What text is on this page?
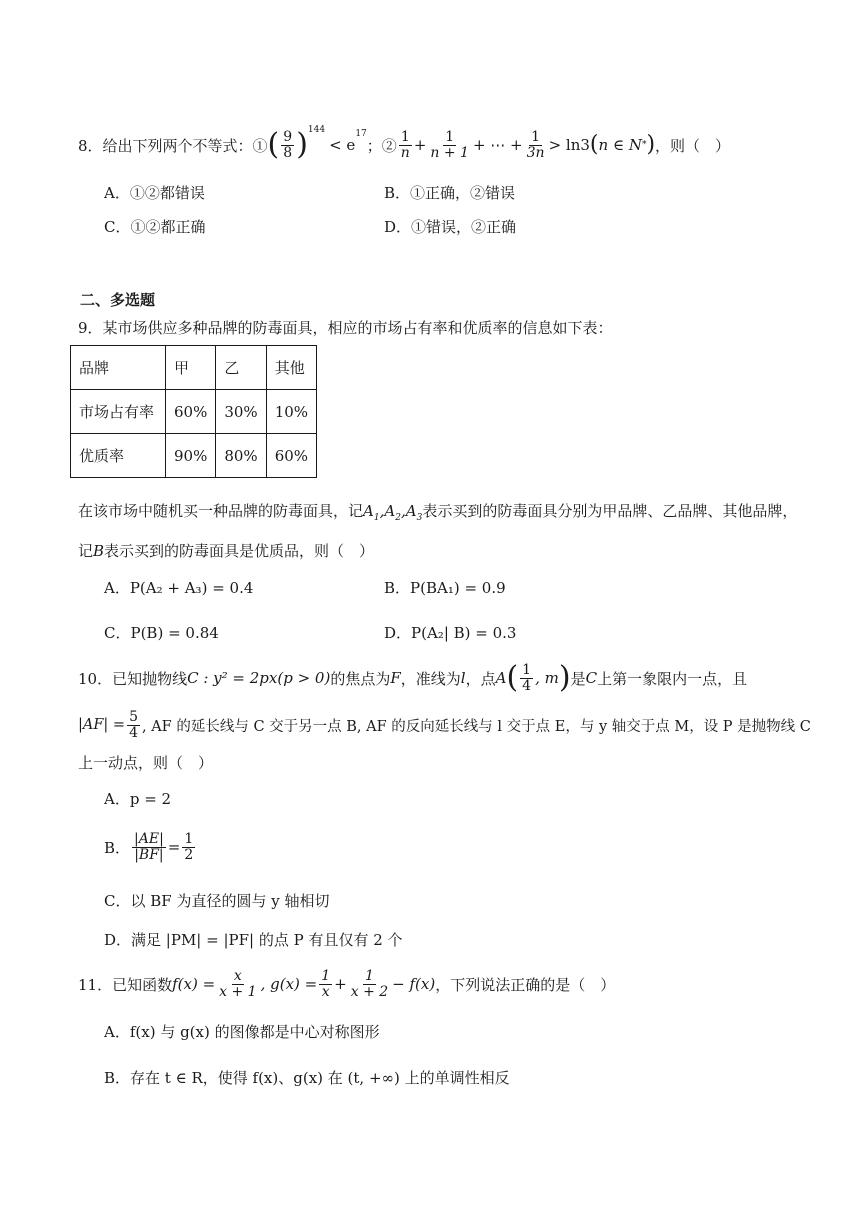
8．给出下列两个不等式：① ( $\frac{9}{8}$ ) 144
< e
17
；② $\frac{1}{n} + \frac{1}{n + 1}$ + ⋯ + $\frac{1}{3n} > \ln 3$ ( n ∈ N * ) ，则（　）
A．①②都错误	B．①正确，②错误
C．①②都正确	D．①错误，②正确
二、多选题
9．某市场供应多种品牌的防毒面具，相应的市场占有率和优质率的信息如下表：
品牌	甲	乙	其他
市场占有率	60%	30%	10%
优质率	90%	80%	60%
在该市场中随机买一种品牌的防毒面具，记$A_1,A_2,A_3$表示买到的防毒面具分别为甲品牌、乙品牌、其他品牌，
记B表示买到的防毒面具是优质品，则（　）
A．P(A₂ + A₃) = 0.4	B．P(BA₁) = 0.9
C．P(B) = 0.84	D．P(A₂| B) = 0.3
10．已知抛物线 C : y² = 2px(p > 0) 的焦点为 F ，准线为 l ，点 A ( $\frac{1}{4}$ , m ) 是 C 上第一象限内一点，且
$|AF| = \frac{5}{4}$ , AF 的延长线与 C 交于另一点 B, AF 的反向延长线与 l 交于点 E，与 y 轴交于点 M，设 P 是抛物线 C
上一动点，则（　）
A．p = 2
B． $\frac{|AE|}{|BF|} = \frac{1}{2}$
C．以 BF 为直径的圆与 y 轴相切
D．满足 |PM| = |PF| 的点 P 有且仅有 2 个
11．已知函数 $f(x) = \frac{x}{x + 1}$ , $g(x) = \frac{1}{x} + \frac{1}{x + 2} - f(x)$ ，下列说法正确的是（　）
A．f(x) 与 g(x) 的图像都是中心对称图形
B．存在 t ∈ R，使得 f(x)、g(x) 在 (t, +∞) 上的单调性相反
